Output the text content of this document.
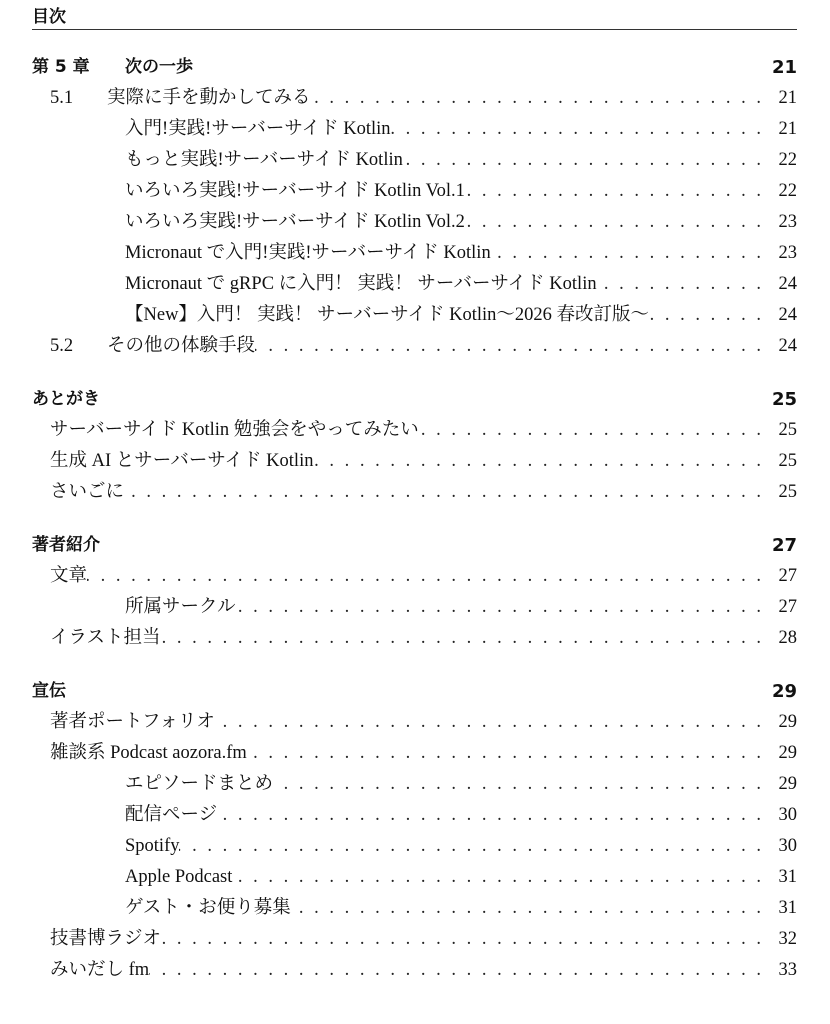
目次
第 5 章	次の一歩	21
5.1	実際に手を動かしてみる . . .	21
入門!実践!サーバーサイド Kotlin . . .	21
もっと実践!サーバーサイド Kotlin . . .	22
いろいろ実践!サーバーサイド Kotlin Vol.1 . . .	22
いろいろ実践!サーバーサイド Kotlin Vol.2 . . .	23
Micronaut で入門!実践!サーバーサイド Kotlin . . .	23
Micronaut で gRPC に入門！ 実践！ サーバーサイド Kotlin . . .	24
【New】入門！ 実践！ サーバーサイド Kotlin〜2026 春改訂版〜 . . .	24
5.2	その他の体験手段 . . .	24
あとがき	25
サーバーサイド Kotlin 勉強会をやってみたい . . .	25
生成 AI とサーバーサイド Kotlin . . .	25
さいごに . . .	25
著者紹介	27
文章 . . .	27
所属サークル . . .	27
イラスト担当 . . .	28
宣伝	29
著者ポートフォリオ . . .	29
雑談系 Podcast aozora.fm . . .	29
エピソードまとめ . . .	29
配信ページ . . .	30
Spotify . . .	30
Apple Podcast . . .	31
ゲスト・お便り募集 . . .	31
技書博ラジオ . . .	32
みいだし fm . . .	33
